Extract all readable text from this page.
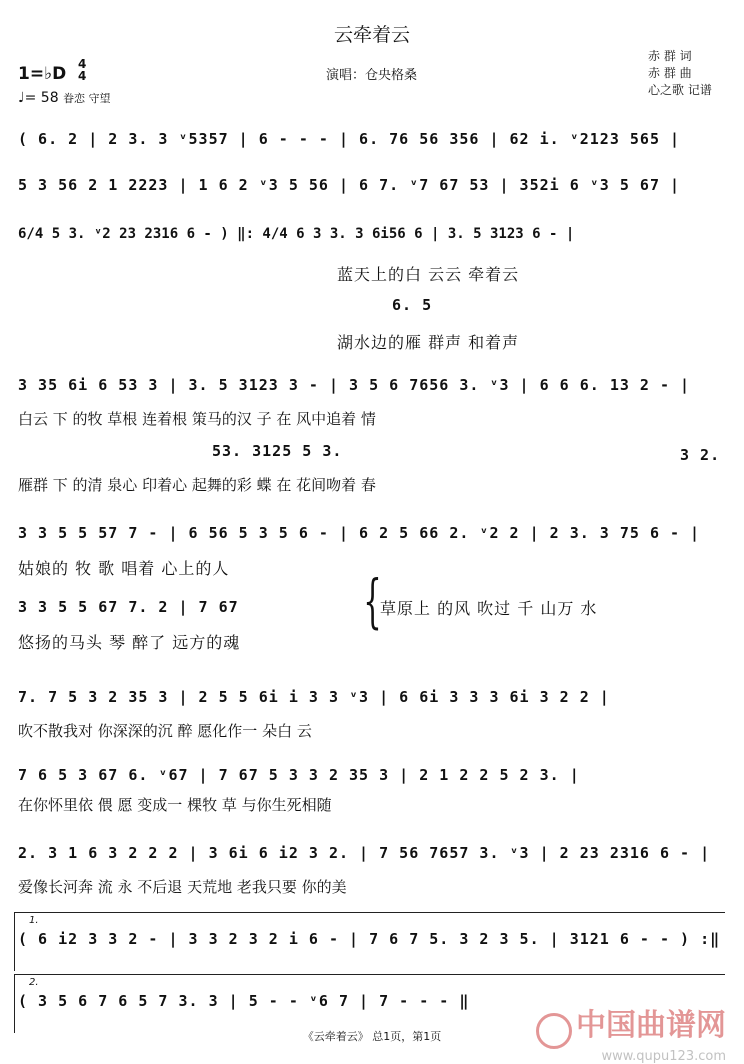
云牵着云
1=♭D 4
4
♩= 58 眷恋 守望
演唱：仓央格桑
赤 群 词
赤 群 曲
心之歌 记谱
( 6. 2 | 2 3. 3 ᵛ5357 | 6 - - - | 6. 76 56 356 | 62 i. ᵛ2123 565 |
5 3 56 2 1 2223 | 1 6 2 ᵛ3 5 56 | 6 7. ᵛ7 67 53 | 352i 6 ᵛ3 5 67 |
6/4 5 3. ᵛ2 23 2316 6 - ) ‖: 4/4 6 3 3. 3 6i56 6 | 3. 5 3123 6 - |
蓝天上的白 云云 牵着云
6. 5
湖水边的雁 群声 和着声
3 35 6i 6 53 3 | 3. 5 3123 3 - | 3 5 6 7656 3. ᵛ3 | 6 6 6. 13 2 - |
白云 下 的牧 草根 连着根 策马的汉 子 在 风中追着 情
53. 3125 5 3.	3 2.
雁群 下 的清 泉心 印着心 起舞的彩 蝶 在 花间吻着 春
3 3 5 5 57 7 - | 6 56 5 3 5 6 - | 6 2 5 66 2. ᵛ2 2 | 2 3. 3 75 6 - |
姑娘的 牧 歌 唱着 心上的人
3 3 5 5 67 7. 2 | 7 67 {
草原上 的风 吹过 千 山万 水
悠扬的马头 琴 醉了 远方的魂
7. 7 5 3 2 35 3 | 2 5 5 6i i 3 3 ᵛ3 | 6 6i 3 3 3 6i 3 2 2 |
吹不散我对 你深深的沉 醉 愿化作一 朵白 云
7 6 5 3 67 6. ᵛ67 | 7 67 5 3 3 2 35 3 | 2 1 2 2 5 2 3. |
在你怀里依 偎 愿 变成一 棵牧 草 与你生死相随
2. 3 1 6 3 2 2 2 | 3 6i 6 i2 3 2. | 7 56 7657 3. ᵛ3 | 2 23 2316 6 - |
爱像长河奔 流 永 不后退 天荒地 老我只要 你的美
1.
( 6 i2 3 3 2 - | 3 3 2 3 2 i 6 - | 7 6 7 5. 3 2 3 5. | 3121 6 - - ) :‖
2.
( 3 5 6 7 6 5 7 3. 3 | 5 - - ᵛ6 7 | 7 - - - ‖
中国曲谱网
www.qupu123.com
《云牵着云》 总1页，第1页
